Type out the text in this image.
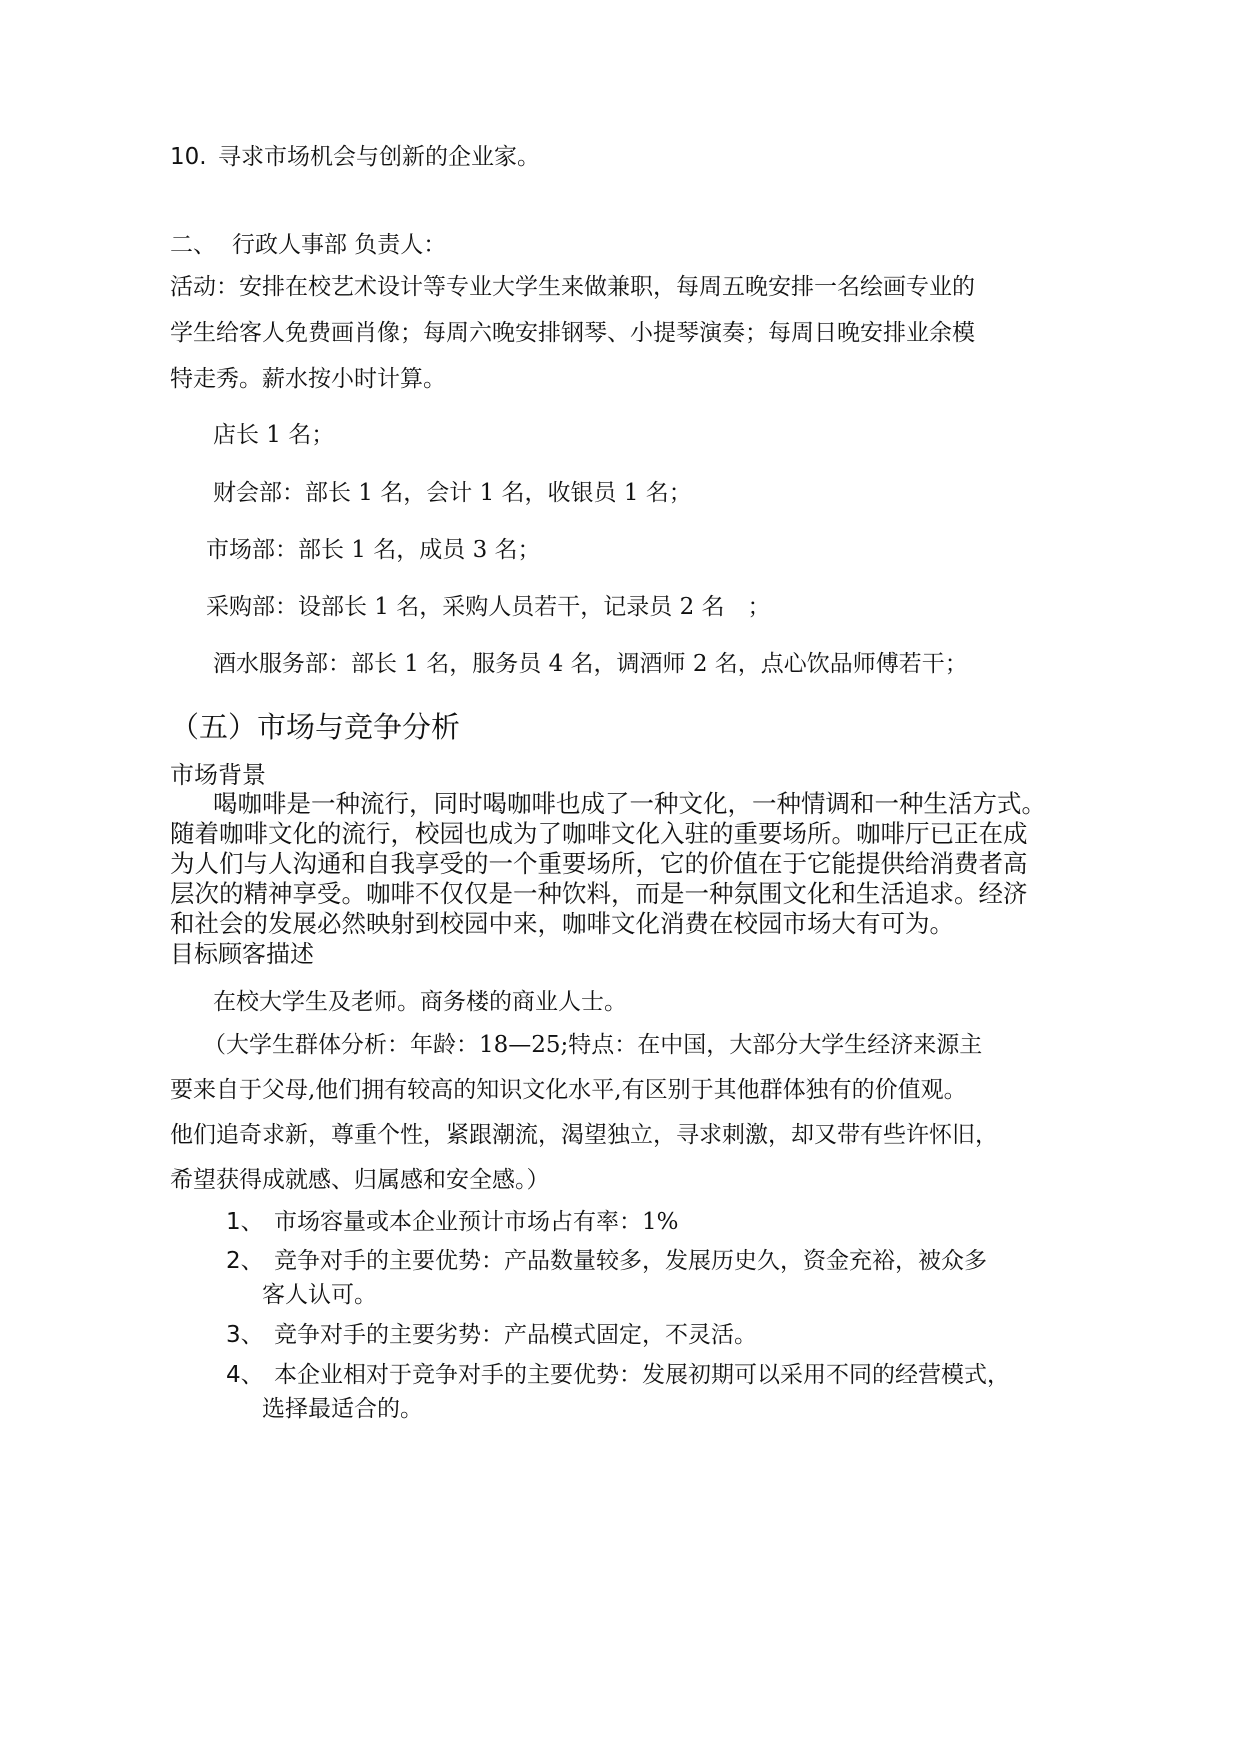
10. 寻求市场机会与创新的企业家。
二、 行政人事部 负责人：
活动：安排在校艺术设计等专业大学生来做兼职，每周五晚安排一名绘画专业的
学生给客人免费画肖像；每周六晚安排钢琴、小提琴演奏；每周日晚安排业余模
特走秀。薪水按小时计算。
店长 1 名；
财会部：部长 1 名，会计 1 名，收银员 1 名；
市场部：部长 1 名，成员 3 名；
采购部：设部长 1 名，采购人员若干，记录员 2 名　；
酒水服务部：部长 1 名，服务员 4 名，调酒师 2 名，点心饮品师傅若干；
（五）市场与竞争分析
市场背景
喝咖啡是一种流行，同时喝咖啡也成了一种文化，一种情调和一种生活方式。
随着咖啡文化的流行，校园也成为了咖啡文化入驻的重要场所。咖啡厅已正在成
为人们与人沟通和自我享受的一个重要场所，它的价值在于它能提供给消费者高
层次的精神享受。咖啡不仅仅是一种饮料，而是一种氛围文化和生活追求。经济
和社会的发展必然映射到校园中来，咖啡文化消费在校园市场大有可为。
目标顾客描述
在校大学生及老师。商务楼的商业人士。
（大学生群体分析：年龄：18—25;特点：在中国，大部分大学生经济来源主
要来自于父母,他们拥有较高的知识文化水平,有区别于其他群体独有的价值观。
他们追奇求新，尊重个性，紧跟潮流，渴望独立，寻求刺激，却又带有些许怀旧，
希望获得成就感、归属感和安全感。）
1、 市场容量或本企业预计市场占有率：1%
2、 竞争对手的主要优势：产品数量较多，发展历史久，资金充裕，被众多
客人认可。
3、 竞争对手的主要劣势：产品模式固定，不灵活。
4、 本企业相对于竞争对手的主要优势：发展初期可以采用不同的经营模式，
选择最适合的。
